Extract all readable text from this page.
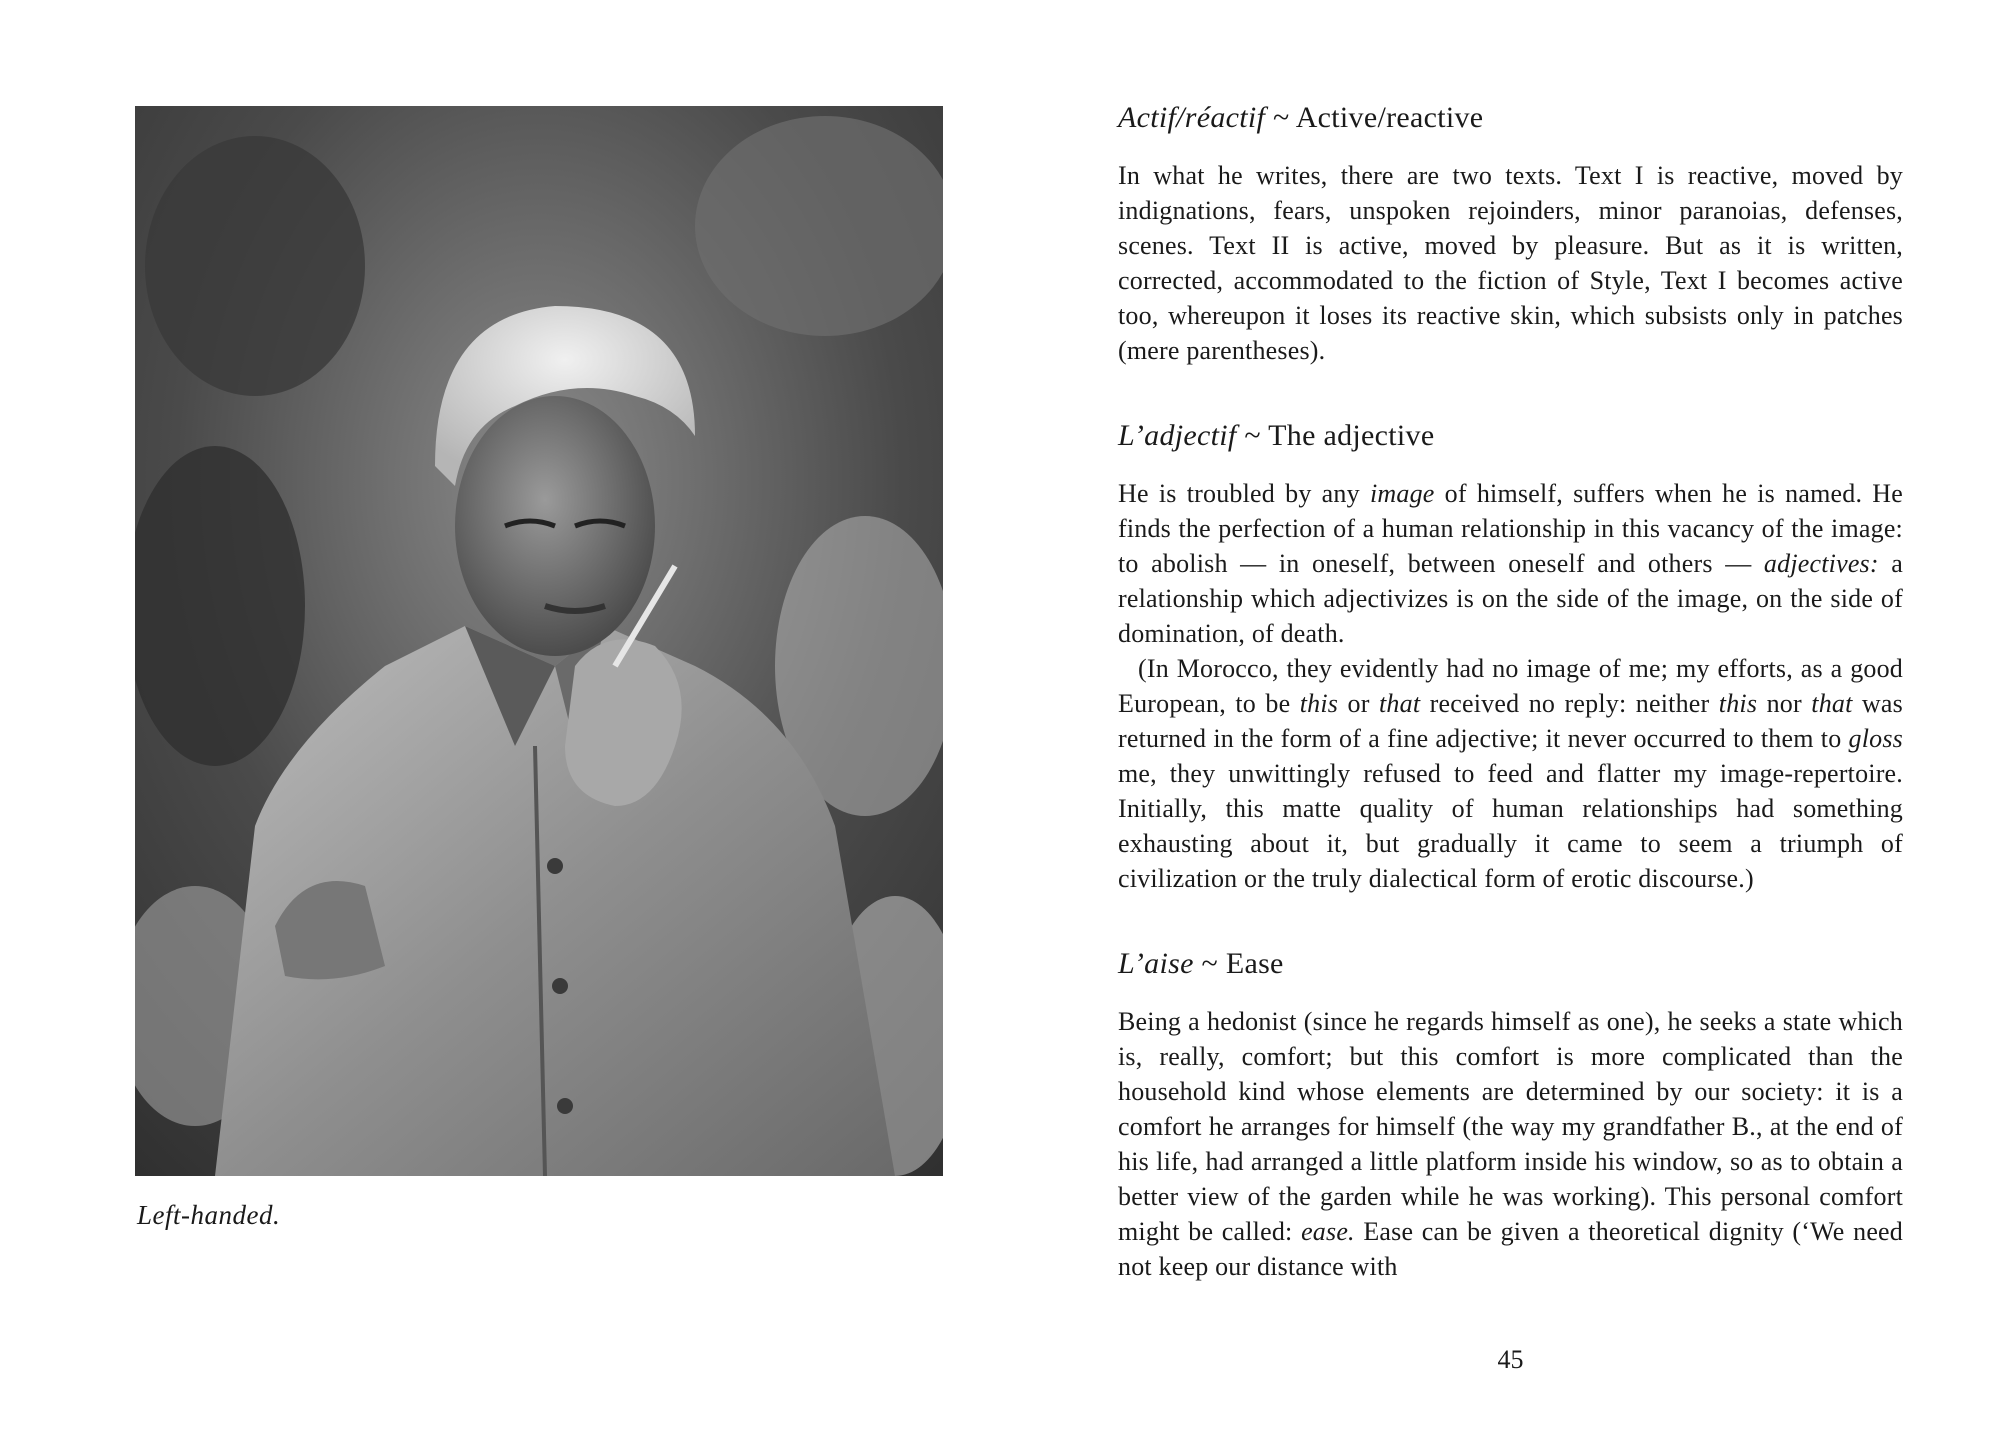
Left-handed.
Actif/réactif ~ Active/reactive

In what he writes, there are two texts. Text I is reactive, moved by indignations, fears, unspoken rejoinders, minor paranoias, defenses, scenes. Text II is active, moved by pleasure. But as it is written, corrected, accommodated to the fiction of Style, Text I becomes active too, whereupon it loses its reactive skin, which subsists only in patches (mere parentheses).

L’adjectif ~ The adjective

He is troubled by any image of himself, suffers when he is named. He finds the perfection of a human relationship in this vacancy of the image: to abolish — in oneself, between oneself and others — adjectives: a relationship which adjectivizes is on the side of the image, on the side of domination, of death.

(In Morocco, they evidently had no image of me; my efforts, as a good European, to be this or that received no reply: neither this nor that was returned in the form of a fine adjective; it never occurred to them to gloss me, they unwittingly refused to feed and flatter my image-repertoire. Initially, this matte quality of human relationships had something exhausting about it, but gradually it came to seem a triumph of civilization or the truly dialectical form of erotic discourse.)

L’aise ~ Ease

Being a hedonist (since he regards himself as one), he seeks a state which is, really, comfort; but this comfort is more complicated than the household kind whose elements are determined by our society: it is a comfort he arranges for himself (the way my grandfather B., at the end of his life, had arranged a little platform inside his window, so as to obtain a better view of the garden while he was working). This personal comfort might be called: ease. Ease can be given a theoretical dignity (‘We need not keep our distance with

45
